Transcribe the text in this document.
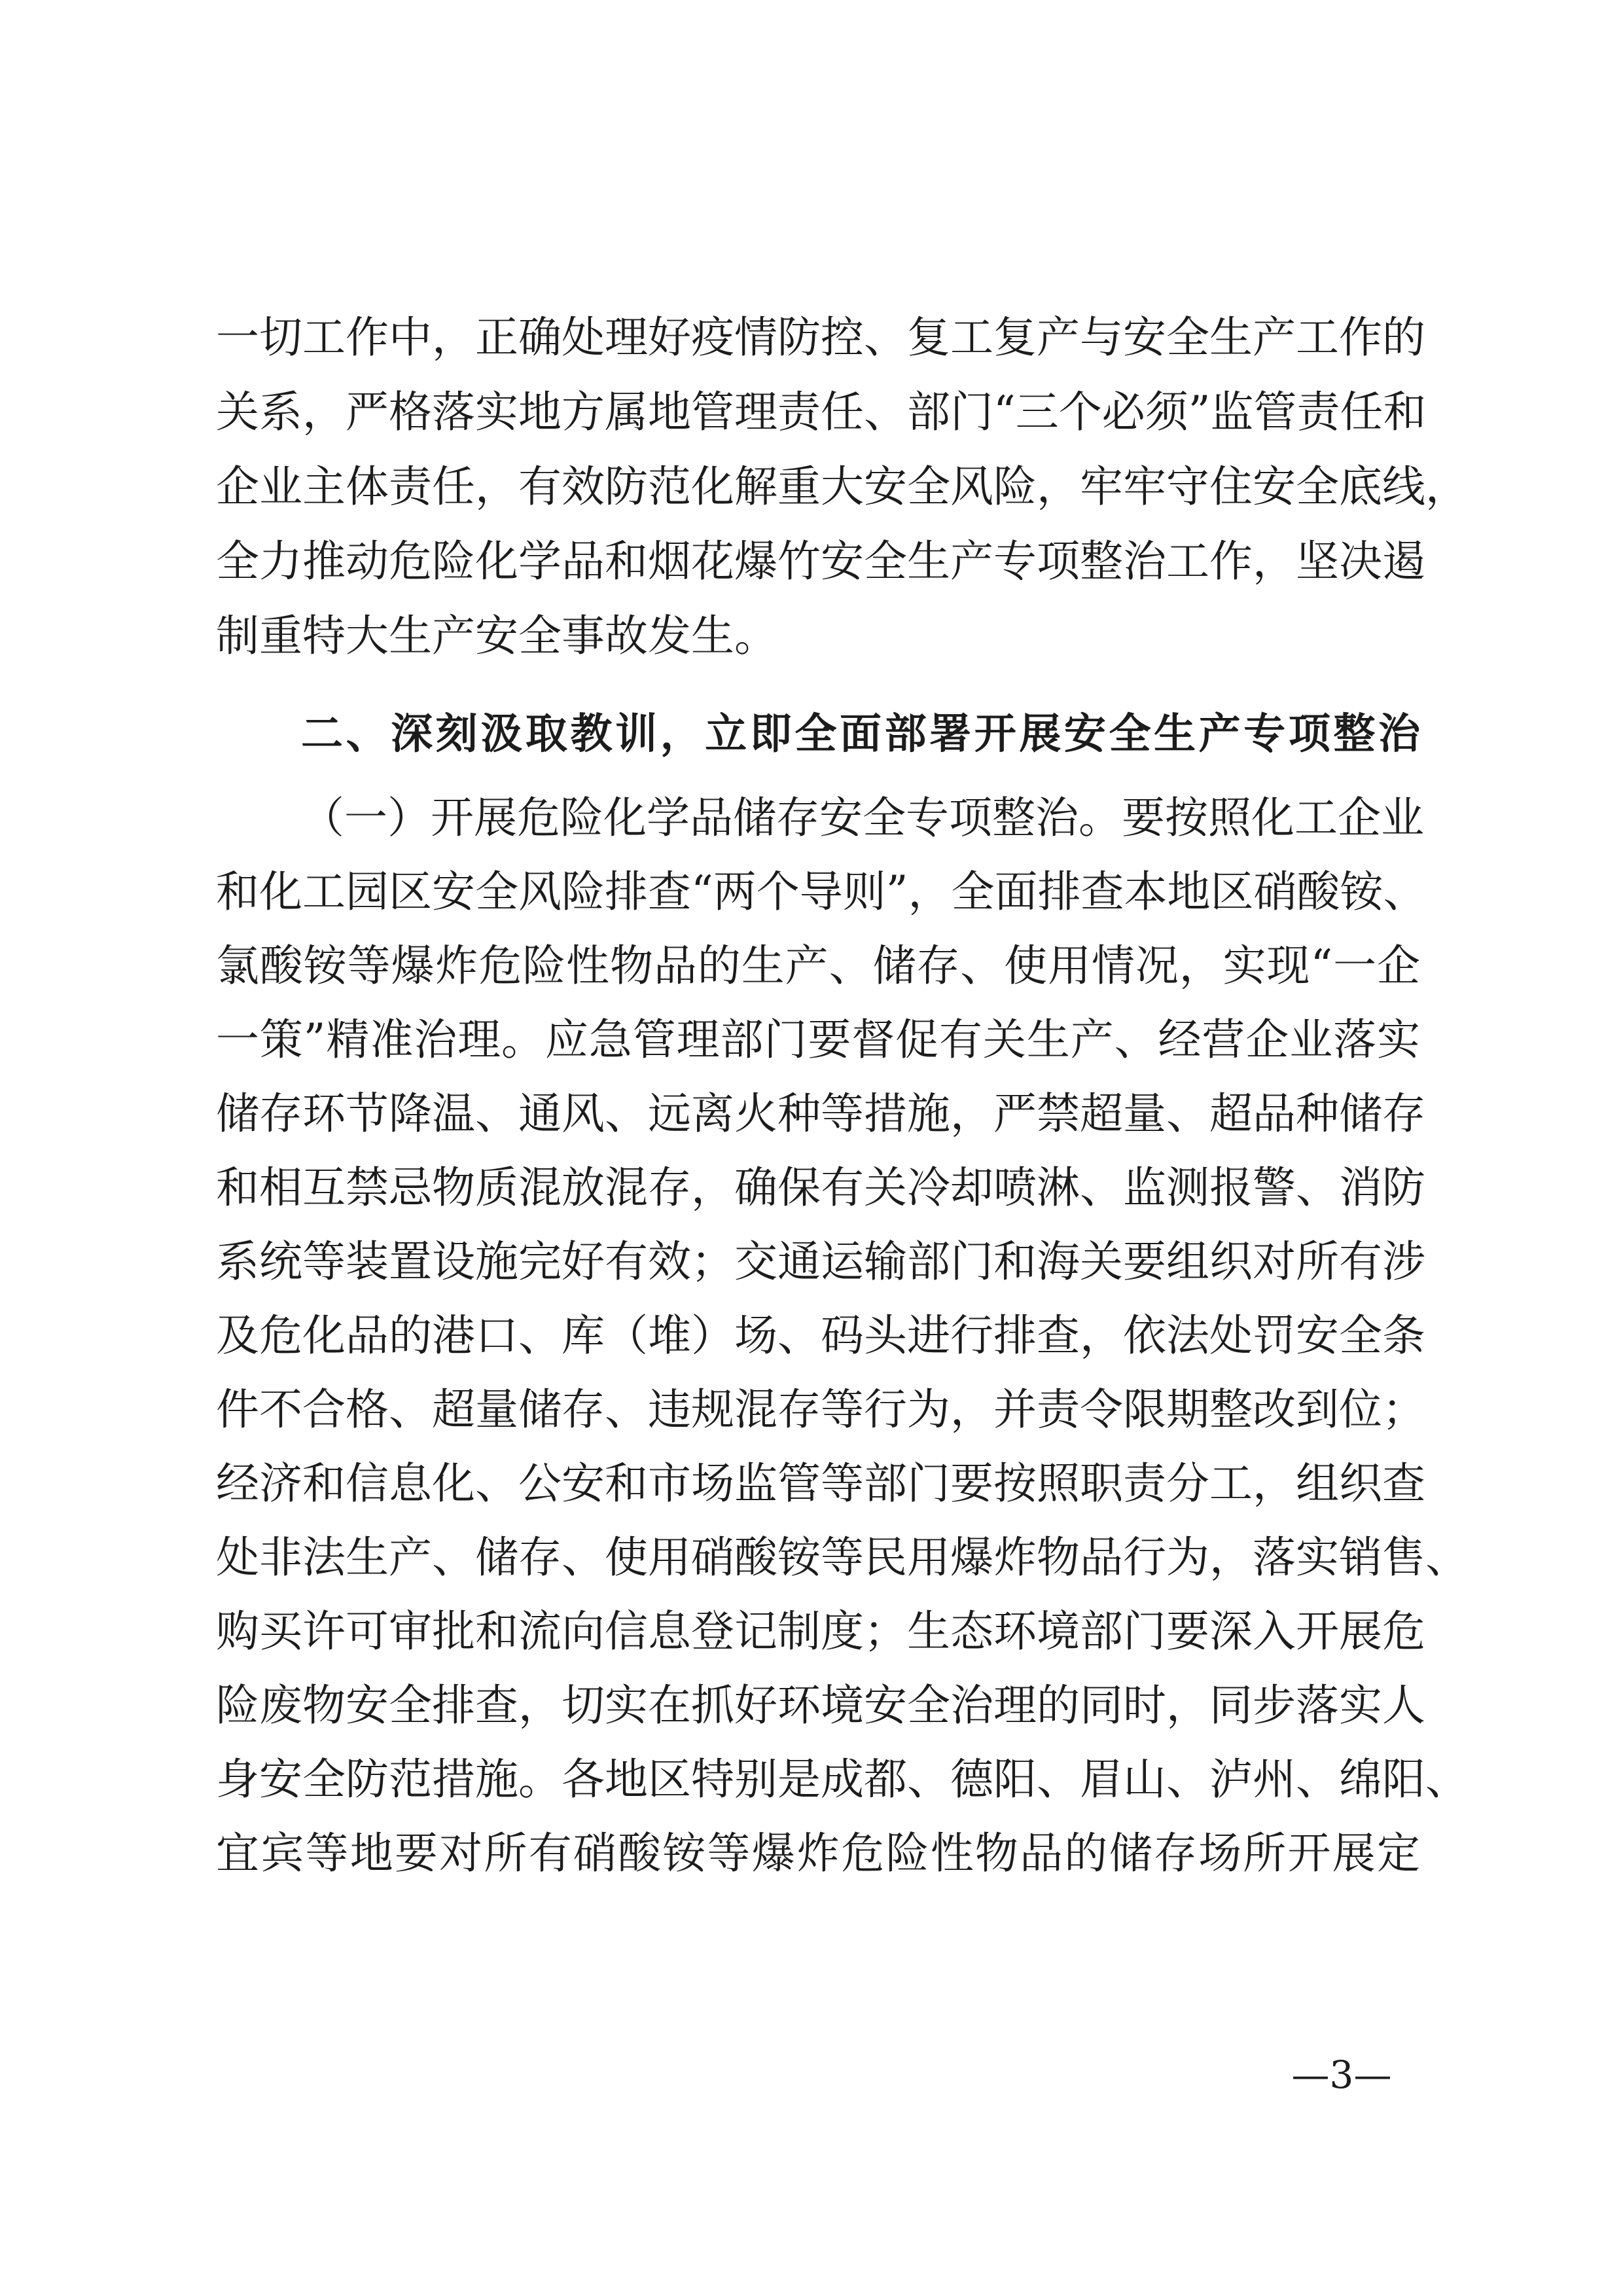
一切工作中，正确处理好疫情防控、复工复产与安全生产工作的
关系，严格落实地方属地管理责任、部门“三个必须”监管责任和
企业主体责任，有效防范化解重大安全风险，牢牢守住安全底线，
全力推动危险化学品和烟花爆竹安全生产专项整治工作，坚决遏
制重特大生产安全事故发生。
二、深刻汲取教训，立即全面部署开展安全生产专项整治
（一）开展危险化学品储存安全专项整治。要按照化工企业
和化工园区安全风险排查“两个导则”，全面排查本地区硝酸铵、
氯酸铵等爆炸危险性物品的生产、储存、使用情况，实现“一企
一策”精准治理。应急管理部门要督促有关生产、经营企业落实
储存环节降温、通风、远离火种等措施，严禁超量、超品种储存
和相互禁忌物质混放混存，确保有关冷却喷淋、监测报警、消防
系统等装置设施完好有效；交通运输部门和海关要组织对所有涉
及危化品的港口、库（堆）场、码头进行排查，依法处罚安全条
件不合格、超量储存、违规混存等行为，并责令限期整改到位；
经济和信息化、公安和市场监管等部门要按照职责分工，组织查
处非法生产、储存、使用硝酸铵等民用爆炸物品行为，落实销售、
购买许可审批和流向信息登记制度；生态环境部门要深入开展危
险废物安全排查，切实在抓好环境安全治理的同时，同步落实人
身安全防范措施。各地区特别是成都、德阳、眉山、泸州、绵阳、
宜宾等地要对所有硝酸铵等爆炸危险性物品的储存场所开展定
—3—
